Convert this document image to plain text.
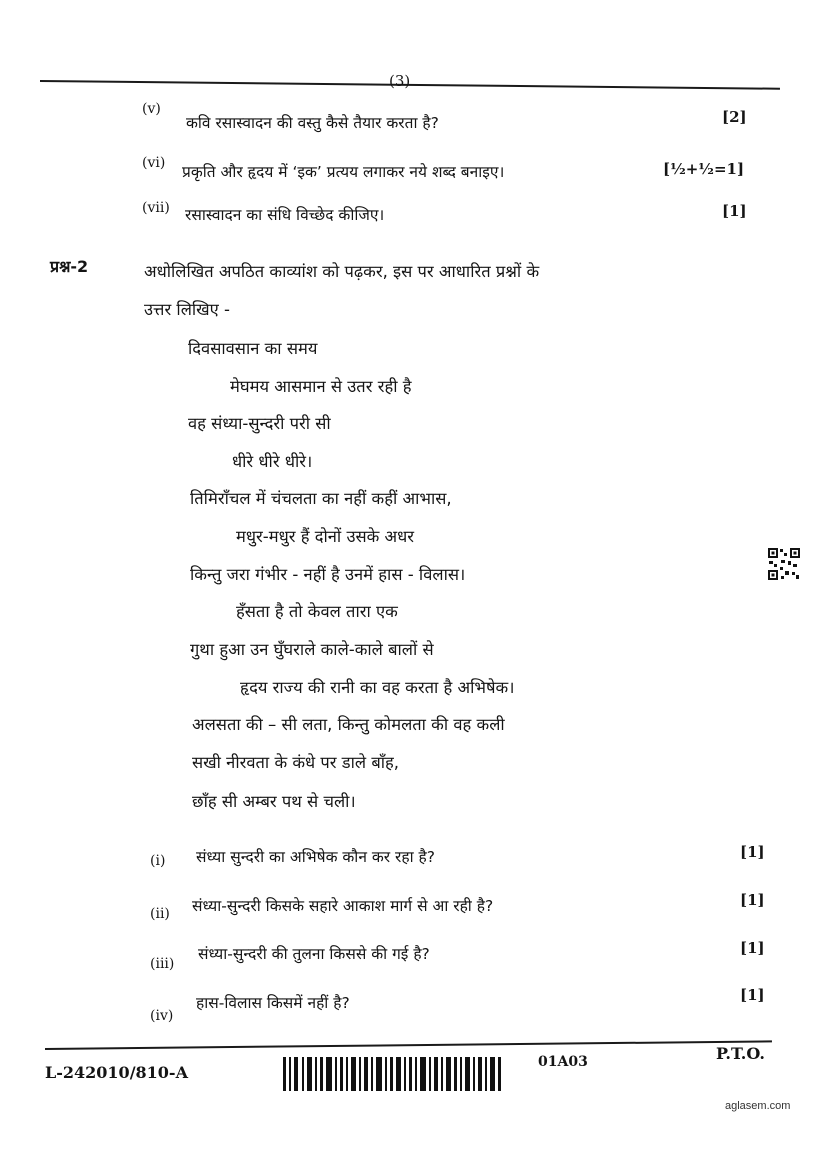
(3)
(v)
कवि रसास्वादन की वस्तु कैसे तैयार करता है?	[2]
(vi) प्रकृति और हृदय में ‘इक’ प्रत्यय लगाकर नये शब्द बनाइए।	[½+½=1]
(vii) रसास्वादन का संधि विच्छेद कीजिए।	[1]
प्रश्न-2	अधोलिखित अपठित काव्यांश को पढ़कर, इस पर आधारित प्रश्नों के
उत्तर लिखिए -
दिवसावसान का समय
मेघमय आसमान से उतर रही है
वह संध्या-सुन्दरी परी सी
धीरे धीरे धीरे।
तिमिराँचल में चंचलता का नहीं कहीं आभास,
मधुर-मधुर हैं दोनों उसके अधर
किन्तु जरा गंभीर - नहीं है उनमें हास - विलास।
हँसता है तो केवल तारा एक
गुथा हुआ उन घुँघराले काले-काले बालों से
हृदय राज्य की रानी का वह करता है अभिषेक।
अलसता की – सी लता, किन्तु कोमलता की वह कली
सखी नीरवता के कंधे पर डाले बाँह,
छाँह सी अम्बर पथ से चली।
(i) संध्या सुन्दरी का अभिषेक कौन कर रहा है?	[1]
(ii) संध्या-सुन्दरी किसके सहारे आकाश मार्ग से आ रही है?	[1]
(iii)
संध्या-सुन्दरी की तुलना किससे की गई है?	[1]
(iv)
हास-विलास किसमें नहीं है?	[1]
P.T.O.
L-242010/810-A
01A03
aglasem.com
